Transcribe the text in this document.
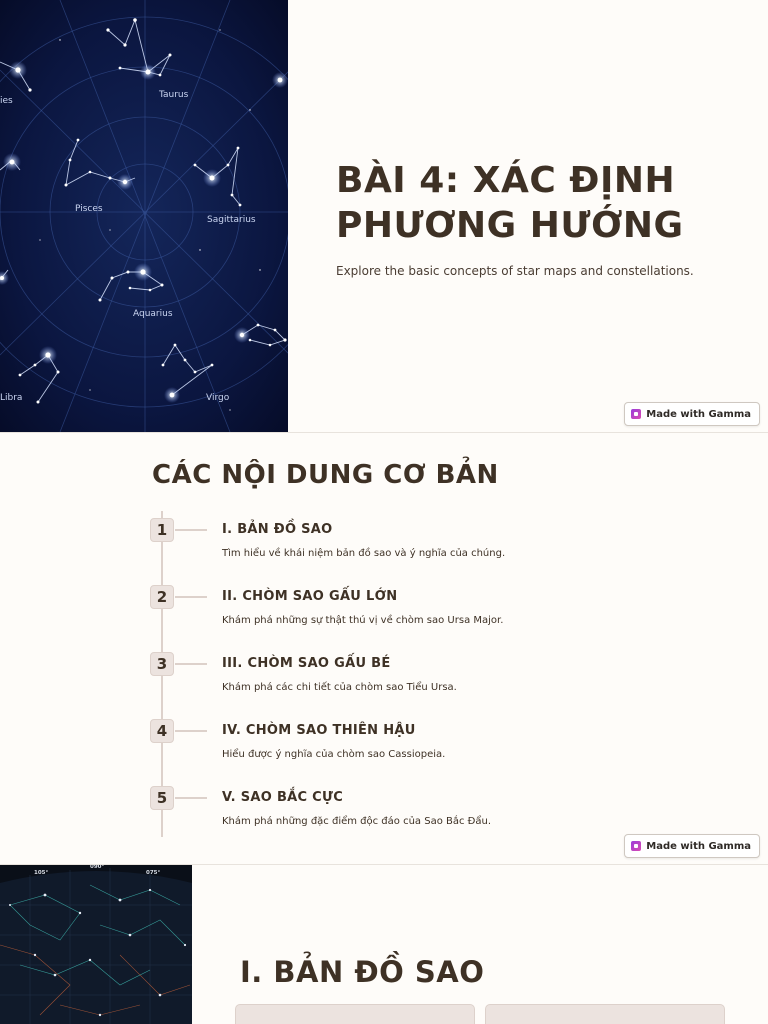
Taurus
ies
Pisces
Sagittarius
Aquarius
Libra	Virgo
BÀI 4: XÁC ĐỊNH PHƯƠNG HƯỚNG

Explore the basic concepts of star maps and constellations.

Made with Gamma
CÁC NỘI DUNG CƠ BẢN
1	I. BẢN ĐỒ SAO
Tìm hiểu về khái niệm bản đồ sao và ý nghĩa của chúng.
2	II. CHÒM SAO GẤU LỚN
Khám phá những sự thật thú vị về chòm sao Ursa Major.
3	III. CHÒM SAO GẤU BÉ
Khám phá các chi tiết của chòm sao Tiểu Ursa.
4	IV. CHÒM SAO THIÊN HẬU
Hiểu được ý nghĩa của chòm sao Cassiopeia.
5	V. SAO BẮC CỰC
Khám phá những đặc điểm độc đáo của Sao Bắc Đẩu.
Made with Gamma
105°
090°
075°
I. BẢN ĐỒ SAO
